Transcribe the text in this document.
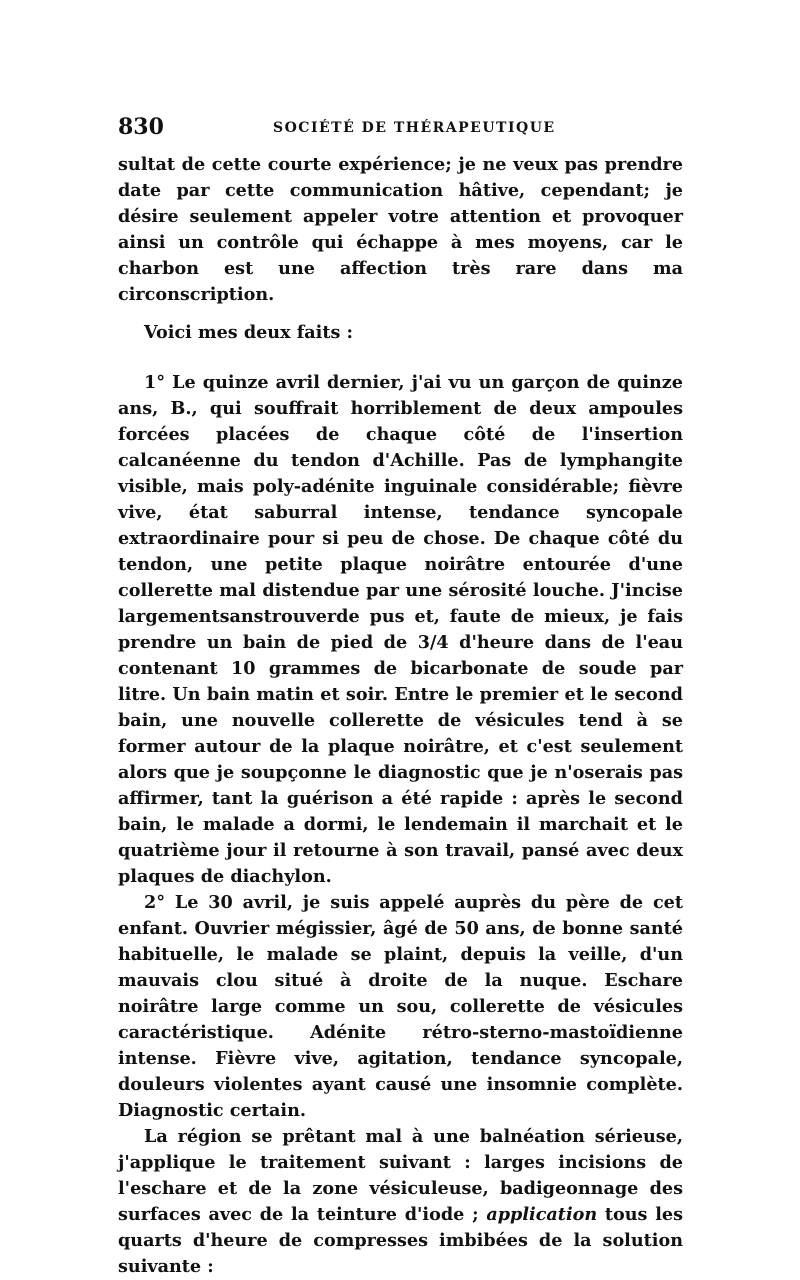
830	SOCIÉTÉ DE THÉRAPEUTIQUE

sultat de cette courte expérience; je ne veux pas prendre date par cette communication hâtive, cependant; je désire seulement appeler votre attention et provoquer ainsi un contrôle qui échappe à mes moyens, car le charbon est une affection très rare dans ma circonscription.

Voici mes deux faits :

1° Le quinze avril dernier, j'ai vu un garçon de quinze ans, B., qui souffrait horriblement de deux ampoules forcées placées de chaque côté de l'insertion calcanéenne du tendon d'Achille. Pas de lymphangite visible, mais poly-adénite inguinale considérable; fièvre vive, état saburral intense, tendance syncopale extraordinaire pour si peu de chose. De chaque côté du tendon, une petite plaque noirâtre entourée d'une collerette mal distendue par une sérosité louche. J'incise largementsanstrouverde pus et, faute de mieux, je fais prendre un bain de pied de 3/4 d'heure dans de l'eau contenant 10 grammes de bicarbonate de soude par litre. Un bain matin et soir. Entre le premier et le second bain, une nouvelle collerette de vésicules tend à se former autour de la plaque noirâtre, et c'est seulement alors que je soupçonne le diagnostic que je n'oserais pas affirmer, tant la guérison a été rapide : après le second bain, le malade a dormi, le lendemain il marchait et le quatrième jour il retourne à son travail, pansé avec deux plaques de diachylon.

2° Le 30 avril, je suis appelé auprès du père de cet enfant. Ouvrier mégissier, âgé de 50 ans, de bonne santé habituelle, le malade se plaint, depuis la veille, d'un mauvais clou situé à droite de la nuque. Eschare noirâtre large comme un sou, collerette de vésicules caractéristique. Adénite rétro-sterno-mastoïdienne intense. Fièvre vive, agitation, tendance syncopale, douleurs violentes ayant causé une insomnie complète. Diagnostic certain.

La région se prêtant mal à une balnéation sérieuse, j'applique le traitement suivant : larges incisions de l'eschare et de la zone vésiculeuse, badigeonnage des surfaces avec de la teinture d'iode ; application tous les quarts d'heure de compresses imbibées de la solution suivante :
